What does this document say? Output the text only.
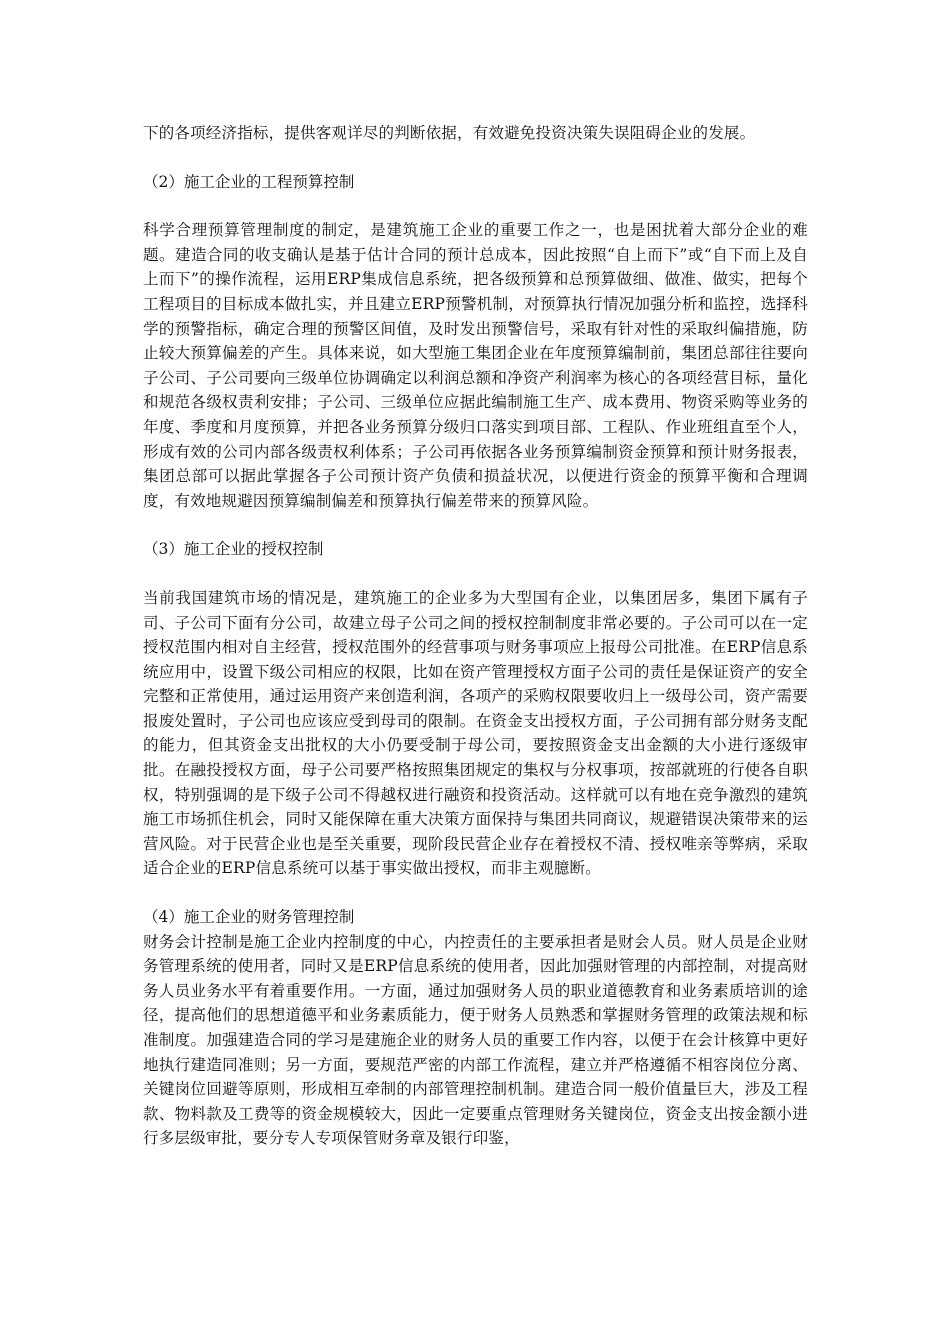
下的各项经济指标，提供客观详尽的判断依据，有效避免投资决策失误阻碍企业的发展。

（2）施工企业的工程预算控制

科学合理预算管理制度的制定，是建筑施工企业的重要工作之一，也是困扰着大部分企业的难题。建造合同的收支确认是基于估计合同的预计总成本，因此按照“自上而下”或“自下而上及自上而下”的操作流程，运用ERP集成信息系统，把各级预算和总预算做细、做准、做实，把每个工程项目的目标成本做扎实，并且建立ERP预警机制，对预算执行情况加强分析和监控，选择科学的预警指标，确定合理的预警区间值，及时发出预警信号，采取有针对性的采取纠偏措施，防止较大预算偏差的产生。具体来说，如大型施工集团企业在年度预算编制前，集团总部往往要向子公司、子公司要向三级单位协调确定以利润总额和净资产利润率为核心的各项经营目标，量化和规范各级权责利安排；子公司、三级单位应据此编制施工生产、成本费用、物资采购等业务的年度、季度和月度预算，并把各业务预算分级归口落实到项目部、工程队、作业班组直至个人，形成有效的公司内部各级责权利体系；子公司再依据各业务预算编制资金预算和预计财务报表，集团总部可以据此掌握各子公司预计资产负债和损益状况，以便进行资金的预算平衡和合理调度，有效地规避因预算编制偏差和预算执行偏差带来的预算风险。

（3）施工企业的授权控制

当前我国建筑市场的情况是，建筑施工的企业多为大型国有企业，以集团居多，集团下属有子司、子公司下面有分公司，故建立母子公司之间的授权控制制度非常必要的。子公司可以在一定授权范围内相对自主经营，授权范围外的经营事项与财务事项应上报母公司批准。在ERP信息系统应用中，设置下级公司相应的权限，比如在资产管理授权方面子公司的责任是保证资产的安全完整和正常使用，通过运用资产来创造利润，各项产的采购权限要收归上一级母公司，资产需要报废处置时，子公司也应该应受到母司的限制。在资金支出授权方面，子公司拥有部分财务支配的能力，但其资金支出批权的大小仍要受制于母公司，要按照资金支出金额的大小进行逐级审批。在融投授权方面，母子公司要严格按照集团规定的集权与分权事项，按部就班的行使各自职权，特别强调的是下级子公司不得越权进行融资和投资活动。这样就可以有地在竞争激烈的建筑施工市场抓住机会，同时又能保障在重大决策方面保持与集团共同商议，规避错误决策带来的运营风险。对于民营企业也是至关重要，现阶段民营企业存在着授权不清、授权唯亲等弊病，采取适合企业的ERP信息系统可以基于事实做出授权，而非主观臆断。

（4）施工企业的财务管理控制

财务会计控制是施工企业内控制度的中心，内控责任的主要承担者是财会人员。财人员是企业财务管理系统的使用者，同时又是ERP信息系统的使用者，因此加强财管理的内部控制，对提高财务人员业务水平有着重要作用。一方面，通过加强财务人员的职业道德教育和业务素质培训的途径，提高他们的思想道德平和业务素质能力，便于财务人员熟悉和掌握财务管理的政策法规和标准制度。加强建造合同的学习是建施企业的财务人员的重要工作内容，以便于在会计核算中更好地执行建造同准则；另一方面，要规范严密的内部工作流程，建立并严格遵循不相容岗位分离、关键岗位回避等原则，形成相互牵制的内部管理控制机制。建造合同一般价值量巨大，涉及工程款、物料款及工费等的资金规模较大，因此一定要重点管理财务关键岗位，资金支出按金额小进行多层级审批，要分专人专项保管财务章及银行印鉴，
